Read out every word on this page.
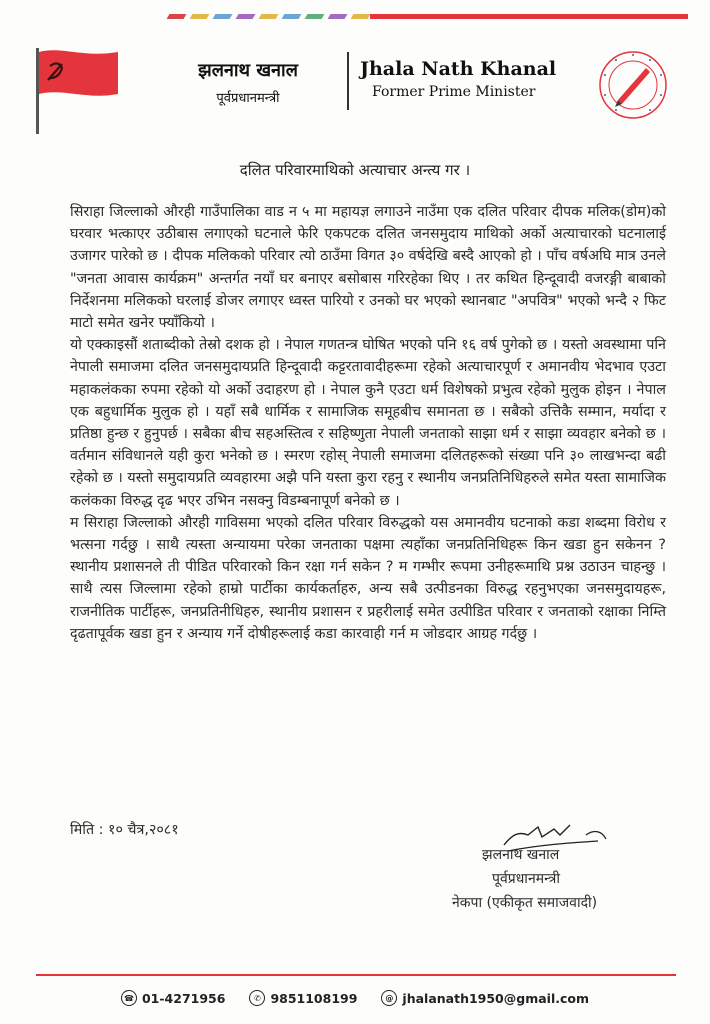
झलनाथ खनाल
पूर्वप्रधानमन्त्री
Jhala Nath Khanal
Former Prime Minister
दलित परिवारमाथिको अत्याचार अन्त्य गर ।

सिराहा जिल्लाको औरही गाउँपालिका वाड न ५ मा महायज्ञ लगाउने नाउँमा एक दलित परिवार दीपक मलिक(डोम)को घरवार भत्काएर उठीबास लगाएको घटनाले फेरि एकपटक दलित जनसमुदाय माथिको अर्को अत्याचारको घटनालाई उजागर पारेको छ । दीपक मलिकको परिवार त्यो ठाउँमा विगत ३० वर्षदेखि बस्दै आएको हो । पाँच वर्षअघि मात्र उनले "जनता आवास कार्यक्रम" अन्तर्गत नयाँ घर बनाएर बसोबास गरिरहेका थिए । तर कथित हिन्दूवादी वजरङ्गी बाबाको निर्देशनमा मलिकको घरलाई डोजर लगाएर ध्वस्त पारियो र उनको घर भएको स्थानबाट "अपवित्र" भएको भन्दै २ फिट माटो समेत खनेर फ्याँकियो ।

यो एक्काइसौं शताब्दीको तेस्रो दशक हो । नेपाल गणतन्त्र घोषित भएको पनि १६ वर्ष पुगेको छ । यस्तो अवस्थामा पनि नेपाली समाजमा दलित जनसमुदायप्रति हिन्दूवादी कट्टरतावादीहरूमा रहेको अत्याचारपूर्ण र अमानवीय भेदभाव एउटा महाकलंकका रुपमा रहेको यो अर्को उदाहरण हो । नेपाल कुनै एउटा धर्म विशेषको प्रभुत्व रहेको मुलुक होइन । नेपाल एक बहुधार्मिक मुलुक हो । यहाँ सबै धार्मिक र सामाजिक समूहबीच समानता छ । सबैको उत्तिकै सम्मान, मर्यादा र प्रतिष्ठा हुन्छ र हुनुपर्छ । सबैका बीच सहअस्तित्व र सहिष्णुता नेपाली जनताको साझा धर्म र साझा व्यवहार बनेको छ । वर्तमान संविधानले यही कुरा भनेको छ । स्मरण रहोस् नेपाली समाजमा दलितहरूको संख्या पनि ३० लाखभन्दा बढी रहेको छ । यस्तो समुदायप्रति व्यवहारमा अझै पनि यस्ता कुरा रहनु र स्थानीय जनप्रतिनिधिहरुले समेत यस्ता सामाजिक कलंकका विरुद्ध दृढ भएर उभिन नसक्नु विडम्बनापूर्ण बनेको छ ।

म सिराहा जिल्लाको औरही गाविसमा भएको दलित परिवार विरुद्धको यस अमानवीय घटनाको कडा शब्दमा विरोध र भत्सना गर्दछु । साथै त्यस्ता अन्यायमा परेका जनताका पक्षमा त्यहाँका जनप्रतिनिधिहरू किन खडा हुन सकेनन ? स्थानीय प्रशासनले ती पीडित परिवारको किन रक्षा गर्न सकेन ? म गम्भीर रूपमा उनीहरूमाथि प्रश्न उठाउन चाहन्छु । साथै त्यस जिल्लामा रहेको हाम्रो पार्टीका कार्यकर्ताहरु, अन्य सबै उत्पीडनका विरुद्ध रहनुभएका जनसमुदायहरू, राजनीतिक पार्टीहरू, जनप्रतिनीधिहरु, स्थानीय प्रशासन र प्रहरीलाई समेत उत्पीडित परिवार र जनताको रक्षाका निम्ति दृढतापूर्वक खडा हुन र अन्याय गर्ने दोषीहरूलाई कडा कारवाही गर्न म जोडदार आग्रह गर्दछु ।

मिति : १० चैत्र,२०८१
झलनाथ खनाल
पूर्वप्रधानमन्त्री
नेकपा (एकीकृत समाजवादी)
☎ 01-4271956	✆ 9851108199	@ jhalanath1950@gmail.com
